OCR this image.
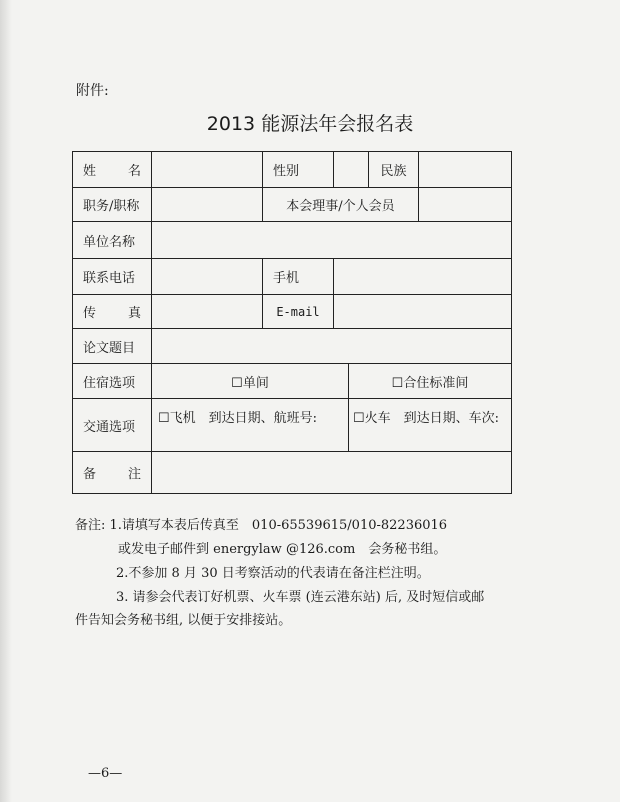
附件:
2013 能源法年会报名表
姓　　名		性别			民族	
职务/职称		本会理事/个人会员				
单位名称						
联系电话		手机				
传　　真		E-mail				
论文题目						
住宿选项	☐单间			☐合住标准间		
交通选项	☐飞机　到达日期、航班号:			☐火车　到达日期、车次:		
备　　注						
备注: 1.请填写本表后传真至　010-65539615/010-82236016
或发电子邮件到 energylaw @126.com　会务秘书组。
2.不参加 8 月 30 日考察活动的代表请在备注栏注明。
3. 请参会代表订好机票、火车票 (连云港东站) 后, 及时短信或邮
件告知会务秘书组, 以便于安排接站。
—6—
